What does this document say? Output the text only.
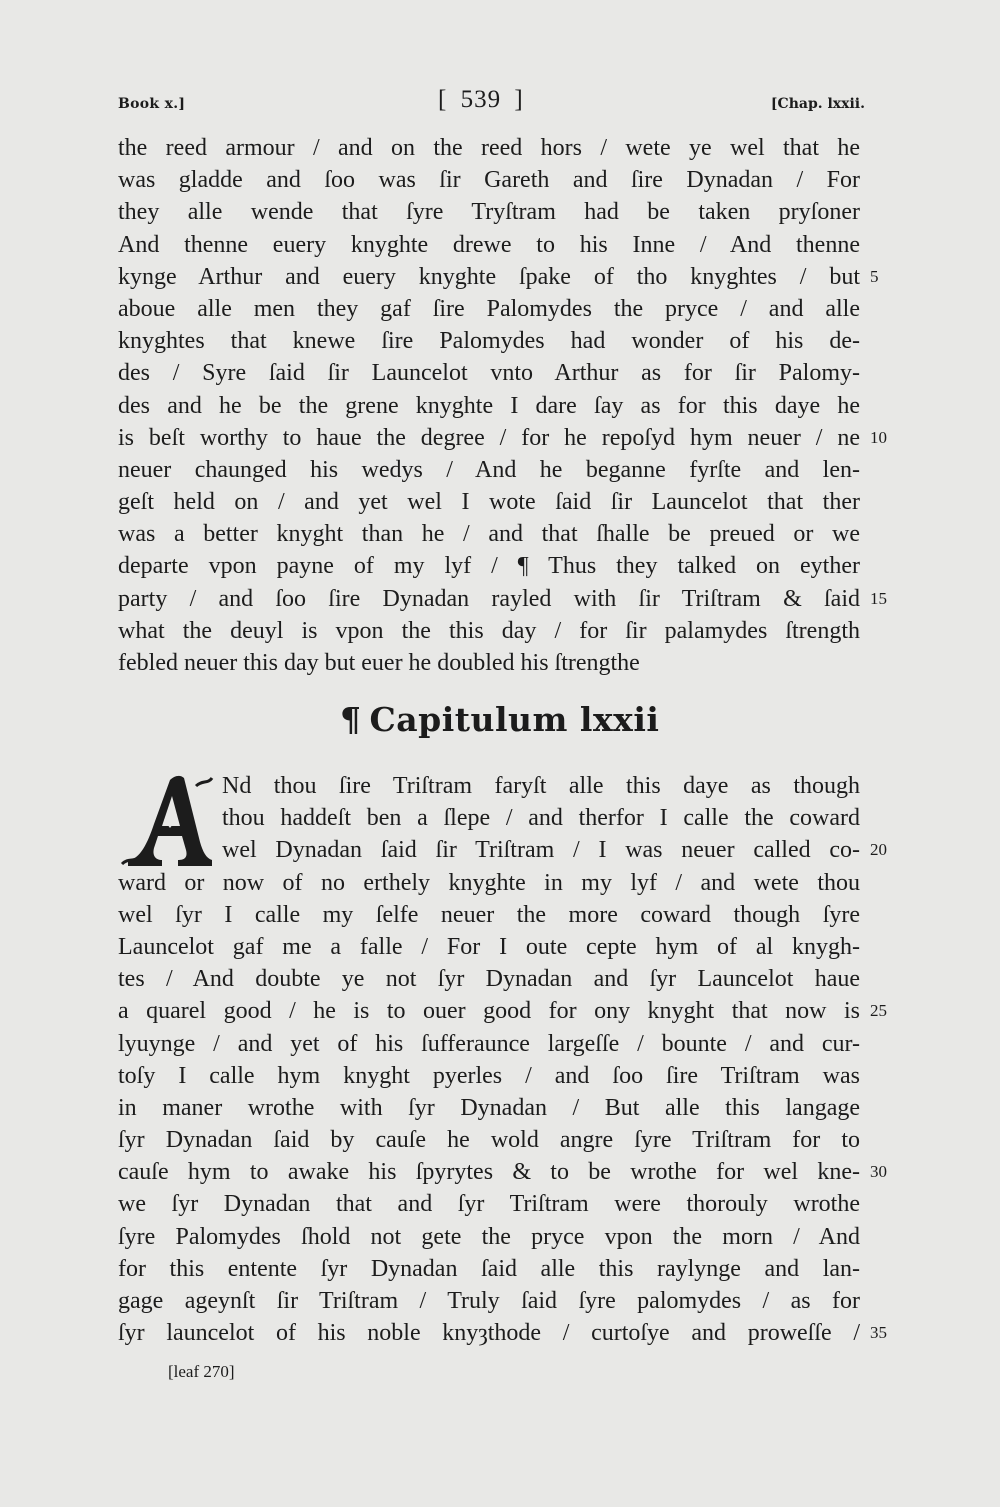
Book x.]	[ 539 ]	[Chap. lxxii.
the reed armour / and on the reed hors / wete ye wel that he
was gladde and ſoo was ſir Gareth and ſire Dynadan / For
they alle wende that ſyre Tryſtram had be taken pryſoner
And thenne euery knyghte drewe to his Inne / And thenne
kynge Arthur and euery knyghte ſpake of tho knyghtes / but 5
aboue alle men they gaf ſire Palomydes the pryce / and alle
knyghtes that knewe ſire Palomydes had wonder of his de-
des / Syre ſaid ſir Launcelot vnto Arthur as for ſir Palomy-
des and he be the grene knyghte I dare ſay as for this daye he
is beſt worthy to haue the degree / for he repoſyd hym neuer / ne 10
neuer chaunged his wedys / And he beganne fyrſte and len-
geſt held on / and yet wel I wote ſaid ſir Launcelot that ther
was a better knyght than he / and that ſhalle be preued or we
departe vpon payne of my lyf / ¶ Thus they talked on eyther
party / and ſoo ſire Dynadan rayled with ſir Triſtram & ſaid 15
what the deuyl is vpon the this day / for ſir palamydes ſtrength
febled neuer this day but euer he doubled his ſtrengthe
¶ Capitulum lxxii
Nd thou ſire Triſtram faryſt alle this daye as though
thou haddeſt ben a ſlepe / and therfor I calle the coward
wel Dynadan ſaid ſir Triſtram / I was neuer called co- 20
ward or now of no erthely knyghte in my lyf / and wete thou
wel ſyr I calle my ſelfe neuer the more coward though ſyre
Launcelot gaf me a falle / For I oute cepte hym of al knygh-
tes / And doubte ye not ſyr Dynadan and ſyr Launcelot haue
a quarel good / he is to ouer good for ony knyght that now is 25
lyuynge / and yet of his ſufferaunce largeſſe / bounte / and cur-
toſy I calle hym knyght pyerles / and ſoo ſire Triſtram was
in maner wrothe with ſyr Dynadan / But alle this langage
ſyr Dynadan ſaid by cauſe he wold angre ſyre Triſtram for to
cauſe hym to awake his ſpyrytes & to be wrothe for wel kne- 30
we ſyr Dynadan that and ſyr Triſtram were thorouly wrothe
ſyre Palomydes ſhold not gete the pryce vpon the morn / And
for this entente ſyr Dynadan ſaid alle this raylynge and lan-
gage ageynſt ſir Triſtram / Truly ſaid ſyre palomydes / as for
ſyr launcelot of his noble knyȝthode / curtoſye and proweſſe / 35
[leaf 270]
